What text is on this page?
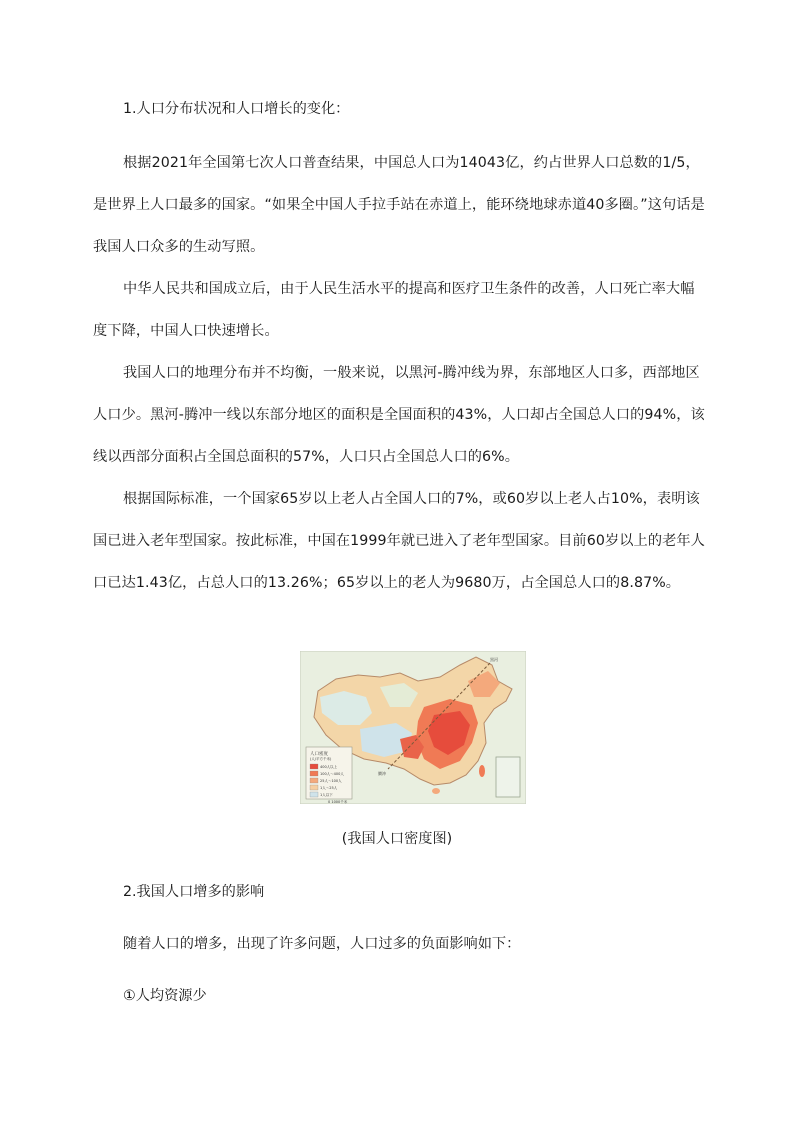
1.人口分布状况和人口增长的变化：

根据2021年全国第七次人口普查结果，中国总人口为14043亿，约占世界人口总数的1/5，是世界上人口最多的国家。“如果全中国人手拉手站在赤道上，能环绕地球赤道40多圈。”这句话是我国人口众多的生动写照。

中华人民共和国成立后，由于人民生活水平的提高和医疗卫生条件的改善，人口死亡率大幅度下降，中国人口快速增长。

我国人口的地理分布并不均衡，一般来说，以黑河-腾冲线为界，东部地区人口多，西部地区人口少。黑河-腾冲一线以东部分地区的面积是全国面积的43%，人口却占全国总人口的94%，该线以西部分面积占全国总面积的57%，人口只占全国总人口的6%。

根据国际标准，一个国家65岁以上老人占全国人口的7%，或60岁以上老人占10%，表明该国已进入老年型国家。按此标准，中国在1999年就已进入了老年型国家。目前60岁以上的老年人口已达1.43亿，占总人口的13.26%；65岁以上的老人为9680万，占全国总人口的8.87%。

人口密度
(人/平方千米)
400人以上
100人～400人
25人～100人
1人～25人
1人以下
黑河
腾冲
0 1000千米
(我国人口密度图)

2.我国人口增多的影响

随着人口的增多，出现了许多问题，人口过多的负面影响如下：

①人均资源少
